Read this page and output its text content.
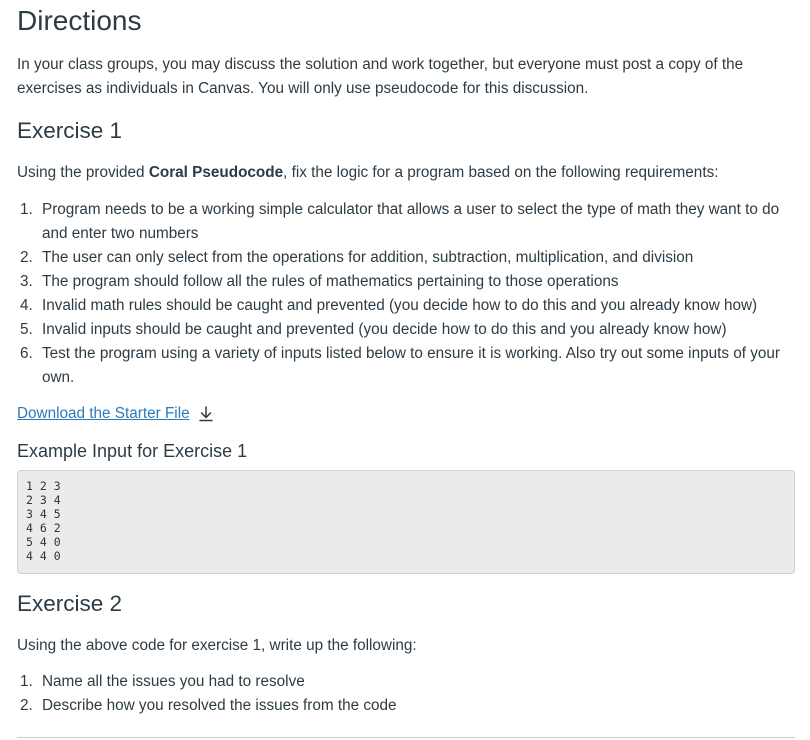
Directions

In your class groups, you may discuss the solution and work together, but everyone must post a copy of the exercises as individuals in Canvas. You will only use pseudocode for this discussion.

Exercise 1

Using the provided Coral Pseudocode, fix the logic for a program based on the following requirements:

1. Program needs to be a working simple calculator that allows a user to select the type of math they want to do and enter two numbers
2. The user can only select from the operations for addition, subtraction, multiplication, and division
3. The program should follow all the rules of mathematics pertaining to those operations
4. Invalid math rules should be caught and prevented (you decide how to do this and you already know how)
5. Invalid inputs should be caught and prevented (you decide how to do this and you already know how)
6. Test the program using a variety of inputs listed below to ensure it is working. Also try out some inputs of your own.
Download the Starter File
Example Input for Exercise 1
1 2 3
2 3 4
3 4 5
4 6 2
5 4 0
4 4 0
Exercise 2

Using the above code for exercise 1, write up the following:

1. Name all the issues you had to resolve
2. Describe how you resolved the issues from the code
